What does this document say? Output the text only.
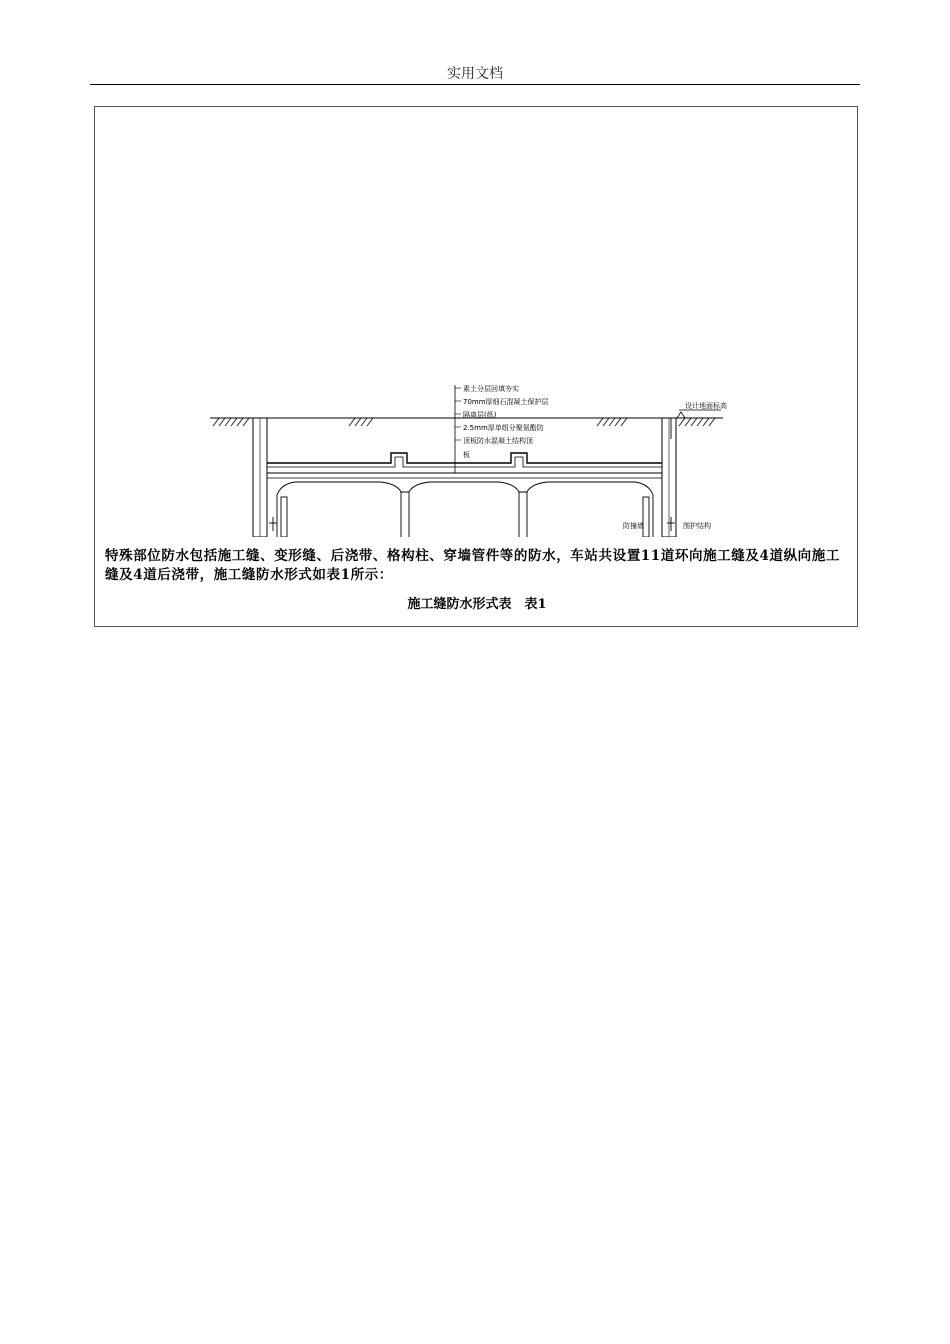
实用文档
素土分层回填夯实
70mm厚细石混凝土保护层
隔离层(纸)
2.5mm厚单组分聚氨酯防
顶板防水混凝土结构顶
板
设计地面标高
防撞墙	围护结构
特殊部位防水包括施工缝、变形缝、后浇带、格构柱、穿墙管件等的防水，车站共设置11道环向施工缝及4道纵向施工缝及4道后浇带，施工缝防水形式如表1所示：
施工缝防水形式表　表1
